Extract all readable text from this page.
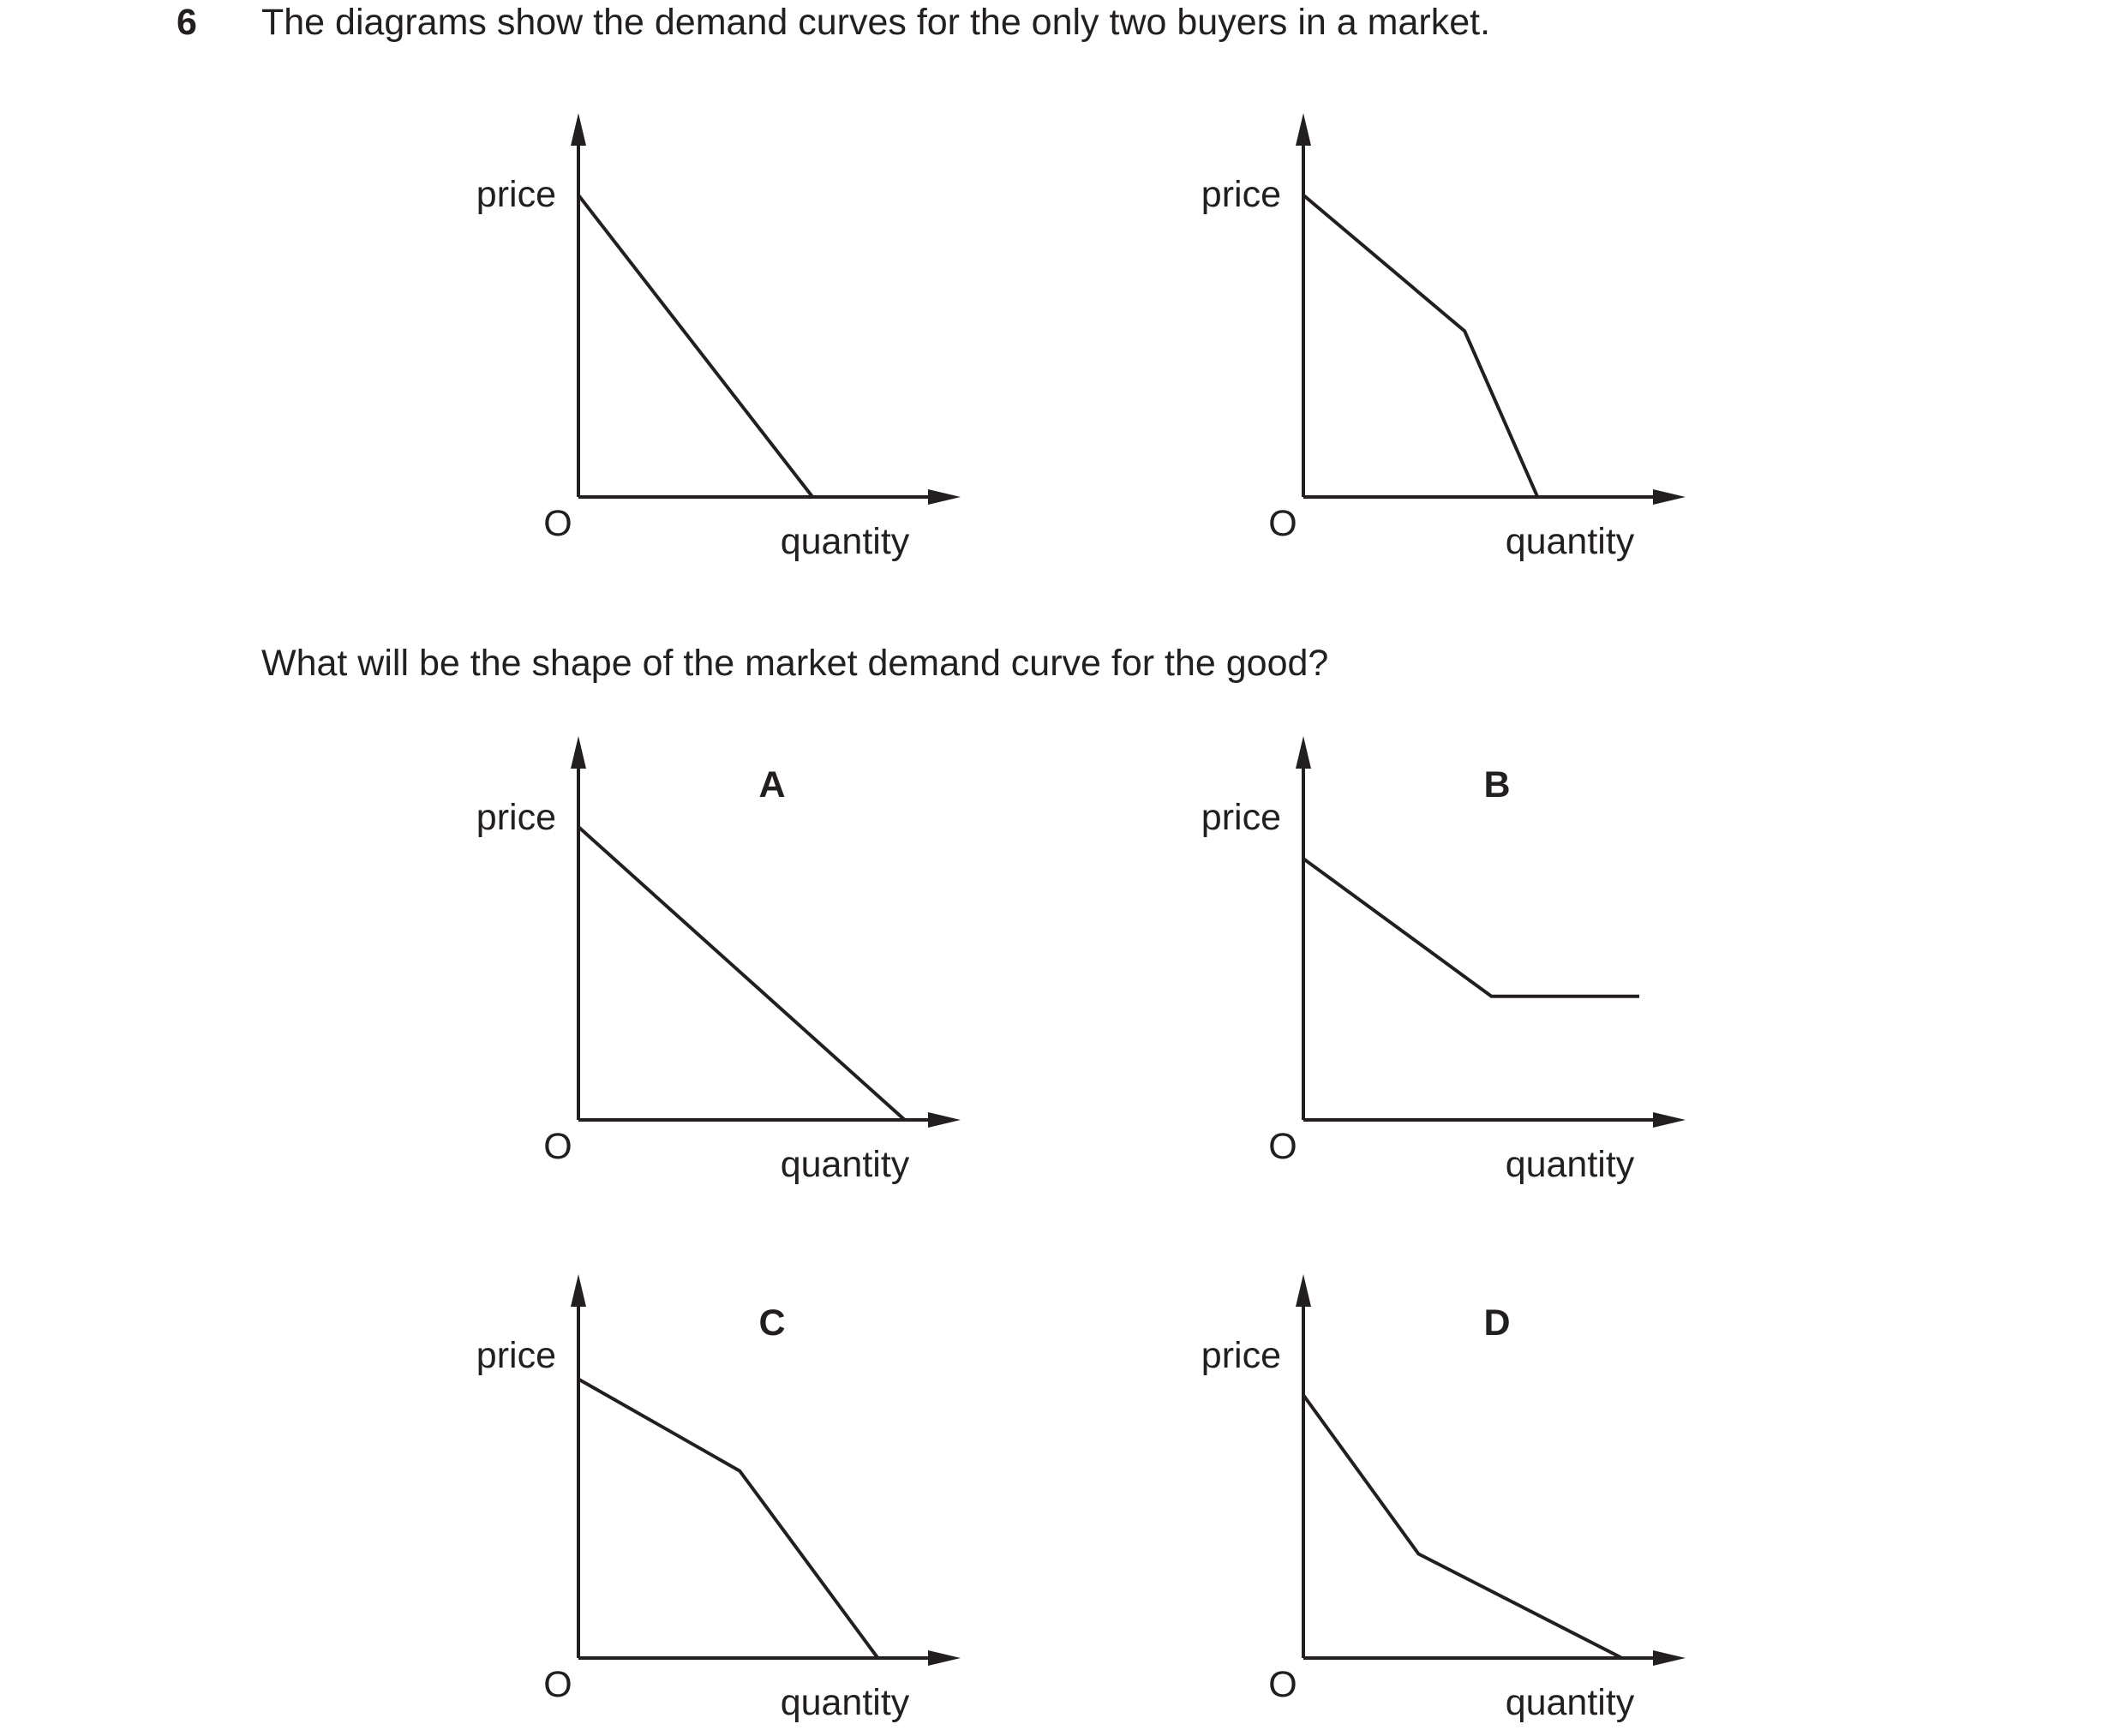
6 The diagrams show the demand curves for the only two buyers in a market.
What will be the shape of the market demand curve for the good?
price
quantity
O
price
quantity
O
price
quantity
O
A
price
quantity
O
B
price
quantity
O
C
price
quantity
O
D
